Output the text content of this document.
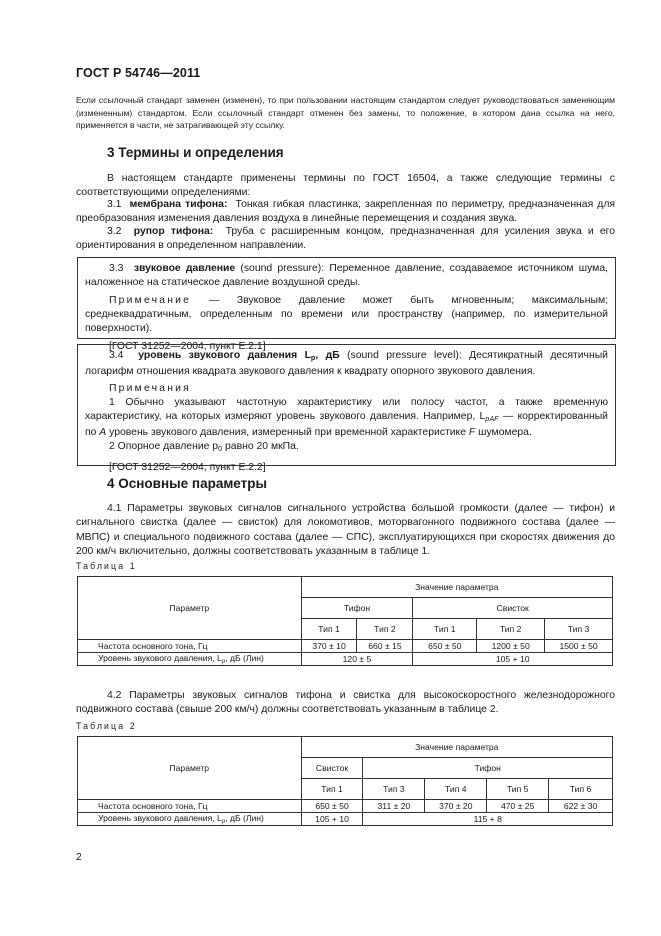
ГОСТ Р 54746—2011
Если ссылочный стандарт заменен (изменен), то при пользовании настоящим стандартом следует руководствоваться заменяющим (измененным) стандартом. Если ссылочный стандарт отменен без замены, то положение, в котором дана ссылка на него, применяется в части, не затрагивающей эту ссылку.
3 Термины и определения
В настоящем стандарте применены термины по ГОСТ 16504, а также следующие термины с соответствующими определениями:
3.1 мембрана тифона: Тонкая гибкая пластинка, закрепленная по периметру, предназначенная для преобразования изменения давления воздуха в линейные перемещения и создания звука.
3.2 рупор тифона: Труба с расширенным концом, предназначенная для усиления звука и его ориентирования в определенном направлении.
3.3 звуковое давление (sound pressure): Переменное давление, создаваемое источником шума, наложенное на статическое давление воздушной среды.
Примечание — Звуковое давление может быть мгновенным; максимальным; среднеквадратичным, определенным по времени или пространству (например, по измерительной поверхности).
[ГОСТ 31252—2004, пункт Е.2.1]
3.4 уровень звукового давления $L_p$, дБ (sound pressure level): Десятикратный десятичный логарифм отношения квадрата звукового давления к квадрату опорного звукового давления.
Примечания
1 Обычно указывают частотную характеристику или полосу частот, а также временную характеристику, на которых измеряют уровень звукового давления. Например, $L_{pAF}$ — корректированный по A уровень звукового давления, измеренный при временной характеристике F шумомера.
2 Опорное давление $p_0$ равно 20 мкПа.
[ГОСТ 31252—2004, пункт Е.2.2]
4 Основные параметры
4.1 Параметры звуковых сигналов сигнального устройства большой громкости (далее — тифон) и сигнального свистка (далее — свисток) для локомотивов, моторвагонного подвижного состава (далее — МВПС) и специального подвижного состава (далее — СПС), эксплуатирующихся при скоростях движения до 200 км/ч включительно, должны соответствовать указанным в таблице 1.
Таблица 1
Параметр	Значение параметра				
	Тифон		Свисток		
	Тип 1	Тип 2	Тип 1	Тип 2	Тип 3
Частота основного тона, Гц	370 ± 10	660 ± 15	650 ± 50	1200 ± 50	1500 ± 50
Уровень звукового давления, $L_p$, дБ (Лин)	120 ± 5		105 + 10		
4.2 Параметры звуковых сигналов тифона и свистка для высокоскоростного железнодорожного подвижного состава (свыше 200 км/ч) должны соответствовать указанным в таблице 2.
Таблица 2
Параметр	Значение параметра				
	Свисток	Тифон			
	Тип 1	Тип 3	Тип 4	Тип 5	Тип 6
Частота основного тона, Гц	650 ± 50	311 ± 20	370 ± 20	470 ± 25	622 ± 30
Уровень звукового давления, $L_p$, дБ (Лин)	105 + 10	115 + 8			
2
